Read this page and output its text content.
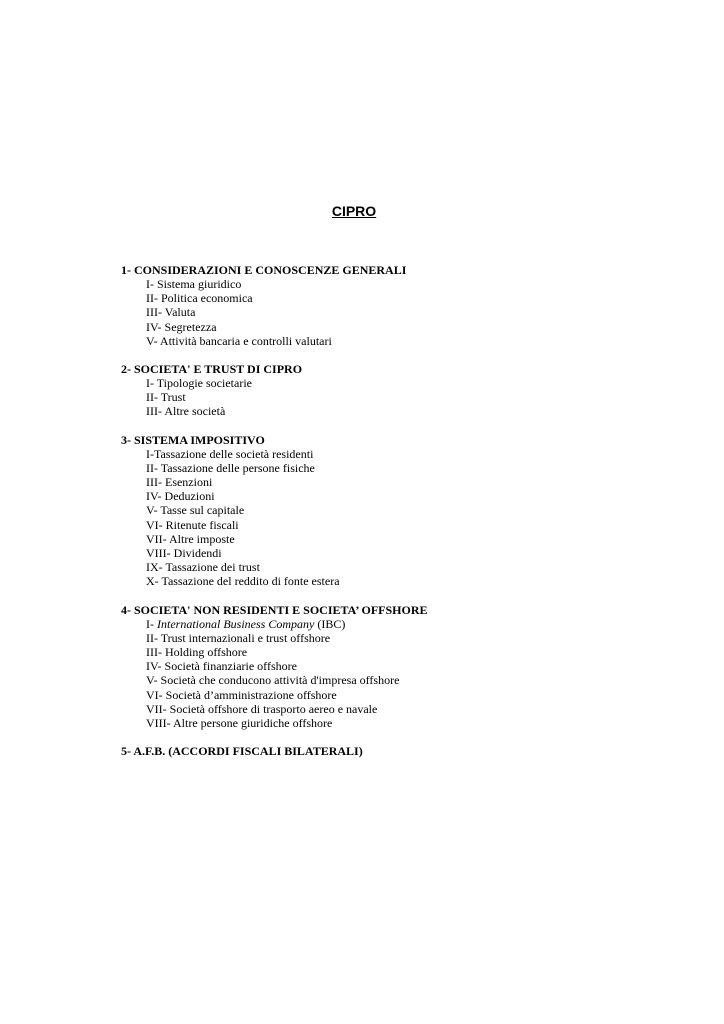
CIPRO
1- CONSIDERAZIONI E CONOSCENZE GENERALI
I- Sistema giuridico
II- Politica economica
III- Valuta
IV- Segretezza
V- Attività bancaria e controlli valutari
2- SOCIETA' E TRUST DI CIPRO
I- Tipologie societarie
II- Trust
III- Altre società
3- SISTEMA IMPOSITIVO
I-Tassazione delle società residenti
II- Tassazione delle persone fisiche
III- Esenzioni
IV- Deduzioni
V- Tasse sul capitale
VI- Ritenute fiscali
VII- Altre imposte
VIII- Dividendi
IX- Tassazione dei trust
X- Tassazione del reddito di fonte estera
4- SOCIETA' NON RESIDENTI E SOCIETA’ OFFSHORE
I- International Business Company (IBC)
II- Trust internazionali e trust offshore
III- Holding offshore
IV- Società finanziarie offshore
V- Società che conducono attività d'impresa offshore
VI- Società d’amministrazione offshore
VII- Società offshore di trasporto aereo e navale
VIII- Altre persone giuridiche offshore
5- A.F.B. (ACCORDI FISCALI BILATERALI)
